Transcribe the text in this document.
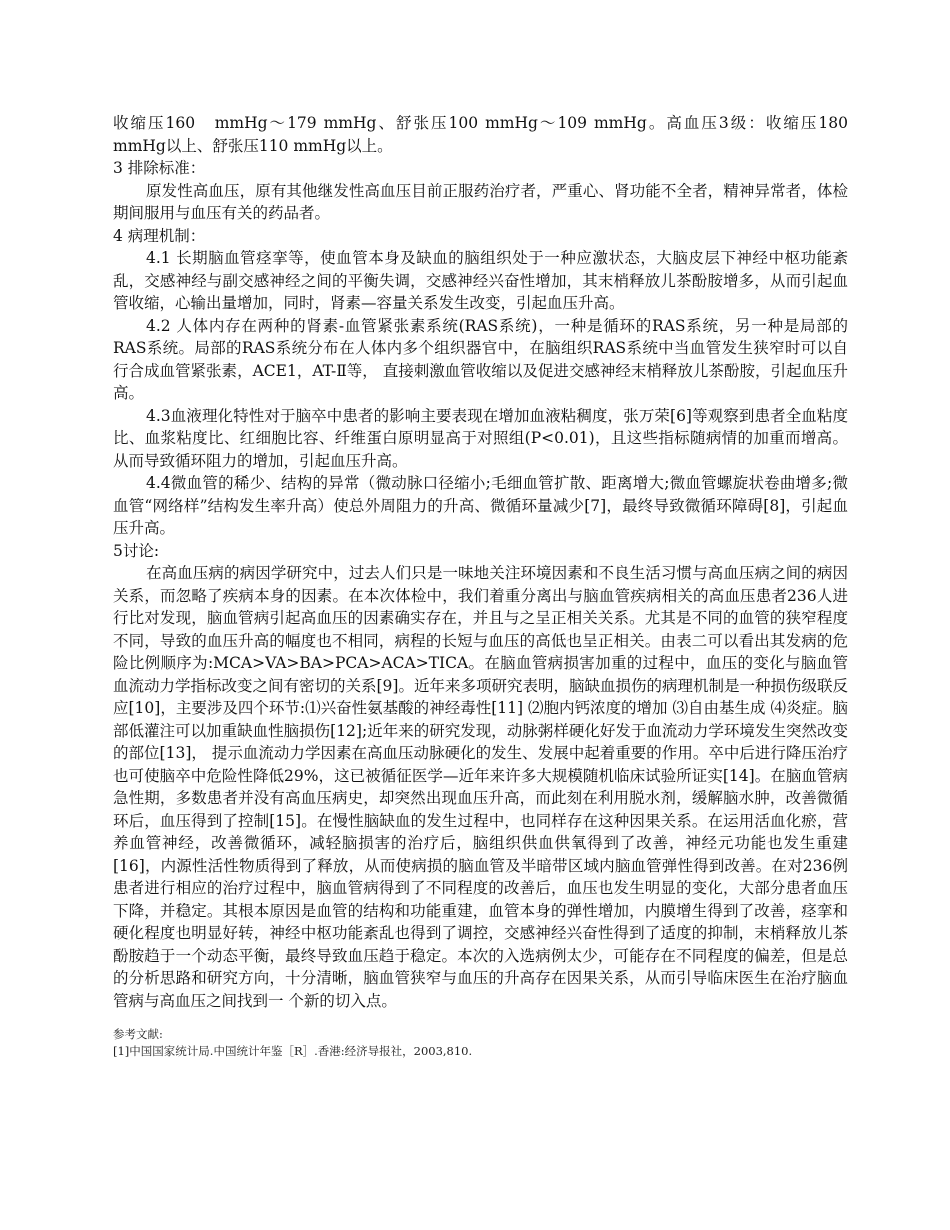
收缩压160　mmHg～179 mmHg、舒张压100 mmHg～109 mmHg。高血压3级：收缩压180 mmHg以上、舒张压110 mmHg以上。

3 排除标准：

原发性高血压，原有其他继发性高血压目前正服药治疗者，严重心、肾功能不全者，精神异常者，体检期间服用与血压有关的药品者。

4 病理机制：

4.1 长期脑血管痉挛等，使血管本身及缺血的脑组织处于一种应激状态，大脑皮层下神经中枢功能紊乱，交感神经与副交感神经之间的平衡失调，交感神经兴奋性增加，其末梢释放儿茶酚胺增多，从而引起血管收缩，心输出量增加，同时，肾素—容量关系发生改变，引起血压升高。

4.2 人体内存在两种的肾素-血管紧张素系统(RAS系统)，一种是循环的RAS系统，另一种是局部的RAS系统。局部的RAS系统分布在人体内多个组织器官中，在脑组织RAS系统中当血管发生狭窄时可以自行合成血管紧张素，ACE1，AT-Ⅱ等， 直接刺激血管收缩以及促进交感神经末梢释放儿茶酚胺，引起血压升高。

4.3血液理化特性对于脑卒中患者的影响主要表现在增加血液粘稠度，张万荣[6]等观察到患者全血粘度比、血浆粘度比、红细胞比容、纤维蛋白原明显高于对照组(P<0.01)，且这些指标随病情的加重而增高。从而导致循环阻力的增加，引起血压升高。

4.4微血管的稀少、结构的异常（微动脉口径缩小;毛细血管扩散、距离增大;微血管螺旋状卷曲增多;微血管“网络样”结构发生率升高）使总外周阻力的升高、微循环量减少[7]，最终导致微循环障碍[8]，引起血压升高。

5讨论:

在高血压病的病因学研究中，过去人们只是一味地关注环境因素和不良生活习惯与高血压病之间的病因关系，而忽略了疾病本身的因素。在本次体检中，我们着重分离出与脑血管疾病相关的高血压患者236人进行比对发现，脑血管病引起高血压的因素确实存在，并且与之呈正相关关系。尤其是不同的血管的狭窄程度不同，导致的血压升高的幅度也不相同，病程的长短与血压的高低也呈正相关。由表二可以看出其发病的危险比例顺序为:MCA>VA>BA>PCA>ACA>TICA。在脑血管病损害加重的过程中，血压的变化与脑血管血流动力学指标改变之间有密切的关系[9]。近年来多项研究表明，脑缺血损伤的病理机制是一种损伤级联反应[10]，主要涉及四个环节:⑴兴奋性氨基酸的神经毒性[11] ⑵胞内钙浓度的增加 ⑶自由基生成 ⑷炎症。脑部低灌注可以加重缺血性脑损伤[12];近年来的研究发现，动脉粥样硬化好发于血流动力学环境发生突然改变的部位[13]， 提示血流动力学因素在高血压动脉硬化的发生、发展中起着重要的作用。卒中后进行降压治疗也可使脑卒中危险性降低29%，这已被循征医学—近年来许多大规模随机临床试验所证实[14]。在脑血管病急性期，多数患者并没有高血压病史，却突然出现血压升高，而此刻在利用脱水剂，缓解脑水肿，改善微循环后，血压得到了控制[15]。在慢性脑缺血的发生过程中，也同样存在这种因果关系。在运用活血化瘀，营养血管神经，改善微循环，减轻脑损害的治疗后，脑组织供血供氧得到了改善，神经元功能也发生重建[16]，内源性活性物质得到了释放，从而使病损的脑血管及半暗带区域内脑血管弹性得到改善。在对236例患者进行相应的治疗过程中，脑血管病得到了不同程度的改善后，血压也发生明显的变化，大部分患者血压下降，并稳定。其根本原因是血管的结构和功能重建，血管本身的弹性增加，内膜增生得到了改善，痉挛和硬化程度也明显好转，神经中枢功能紊乱也得到了调控，交感神经兴奋性得到了适度的抑制，末梢释放儿茶酚胺趋于一个动态平衡，最终导致血压趋于稳定。本次的入选病例太少，可能存在不同程度的偏差，但是总的分析思路和研究方向，十分清晰，脑血管狭窄与血压的升高存在因果关系，从而引导临床医生在治疗脑血管病与高血压之间找到一 个新的切入点。

参考文献:
[1]中国国家统计局.中国统计年鉴［R］.香港:经济导报社，2003,810.
